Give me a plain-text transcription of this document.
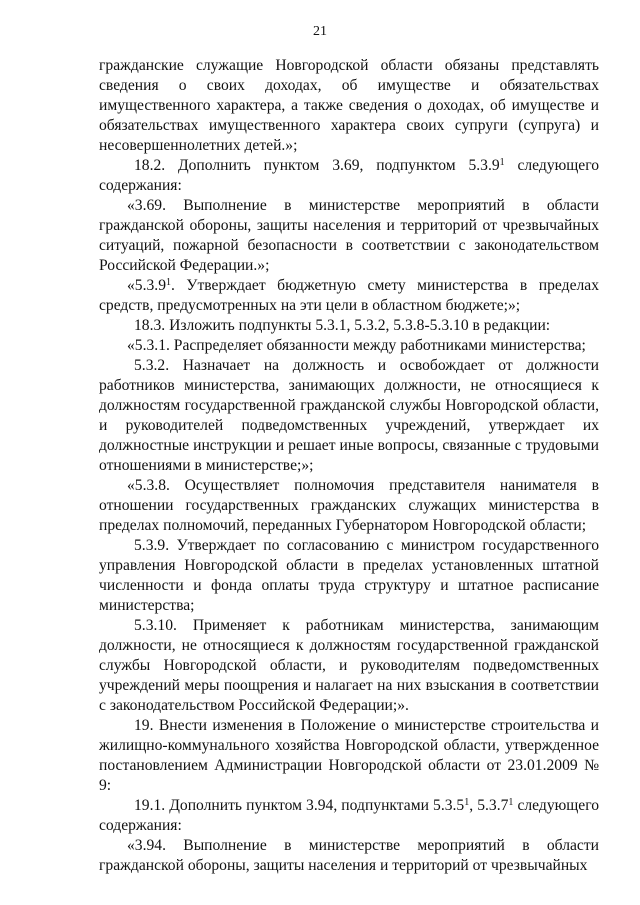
21

гражданские служащие Новгородской области обязаны представлять сведения о своих доходах, об имуществе и обязательствах имущественного характера, а также сведения о доходах, об имуществе и обязательствах имущественного характера своих супруги (супруга) и несовершеннолетних детей.»;

18.2. Дополнить пунктом 3.69, подпунктом 5.3.9$^1$ следующего содержания:

«3.69. Выполнение в министерстве мероприятий в области гражданской обороны, защиты населения и территорий от чрезвычайных ситуаций, пожарной безопасности в соответствии с законодательством Российской Федерации.»;

«5.3.9$^1$. Утверждает бюджетную смету министерства в пределах средств, предусмотренных на эти цели в областном бюджете;»;

18.3. Изложить подпункты 5.3.1, 5.3.2, 5.3.8-5.3.10 в редакции:

«5.3.1. Распределяет обязанности между работниками министерства;

5.3.2. Назначает на должность и освобождает от должности работников министерства, занимающих должности, не относящиеся к должностям государственной гражданской службы Новгородской области, и руководителей подведомственных учреждений, утверждает их должностные инструкции и решает иные вопросы, связанные с трудовыми отношениями в министерстве;»;

«5.3.8. Осуществляет полномочия представителя нанимателя в отношении государственных гражданских служащих министерства в пределах полномочий, переданных Губернатором Новгородской области;

5.3.9. Утверждает по согласованию с министром государственного управления Новгородской области в пределах установленных штатной численности и фонда оплаты труда структуру и штатное расписание министерства;

5.3.10. Применяет к работникам министерства, занимающим должности, не относящиеся к должностям государственной гражданской службы Новгородской области, и руководителям подведомственных учреждений меры поощрения и налагает на них взыскания в соответствии с законодательством Российской Федерации;».

19. Внести изменения в Положение о министерстве строительства и жилищно-коммунального хозяйства Новгородской области, утвержденное постановлением Администрации Новгородской области от 23.01.2009 № 9:

19.1. Дополнить пунктом 3.94, подпунктами 5.3.5$^1$, 5.3.7$^1$ следующего содержания:

«3.94. Выполнение в министерстве мероприятий в области гражданской обороны, защиты населения и территорий от чрезвычайных
